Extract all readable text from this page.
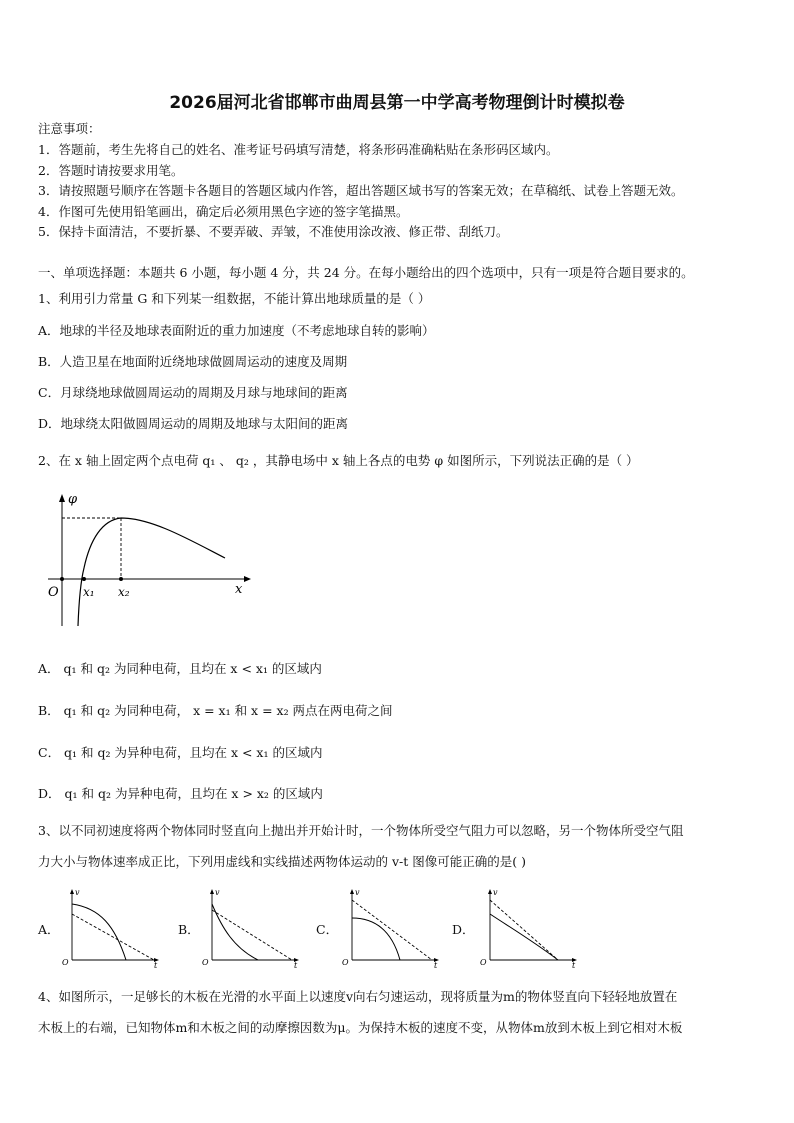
2026届河北省邯郸市曲周县第一中学高考物理倒计时模拟卷
注意事项：
1．答题前，考生先将自己的姓名、准考证号码填写清楚，将条形码准确粘贴在条形码区域内。
2．答题时请按要求用笔。
3．请按照题号顺序在答题卡各题目的答题区域内作答，超出答题区域书写的答案无效；在草稿纸、试卷上答题无效。
4．作图可先使用铅笔画出，确定后必须用黑色字迹的签字笔描黑。
5．保持卡面清洁，不要折暴、不要弄破、弄皱，不准使用涂改液、修正带、刮纸刀。
一、单项选择题：本题共 6 小题，每小题 4 分，共 24 分。在每小题给出的四个选项中，只有一项是符合题目要求的。
1、利用引力常量 G 和下列某一组数据，不能计算出地球质量的是（ ）
A．地球的半径及地球表面附近的重力加速度（不考虑地球自转的影响）
B．人造卫星在地面附近绕地球做圆周运动的速度及周期
C．月球绕地球做圆周运动的周期及月球与地球间的距离
D．地球绕太阳做圆周运动的周期及地球与太阳间的距离
2、在 x 轴上固定两个点电荷 q₁ 、 q₂ ，其静电场中 x 轴上各点的电势 φ 如图所示，下列说法正确的是（ ）
φ
x
O x₁ x₂
A． q₁ 和 q₂ 为同种电荷，且均在 x < x₁ 的区域内
B． q₁ 和 q₂ 为同种电荷， x = x₁ 和 x = x₂ 两点在两电荷之间
C． q₁ 和 q₂ 为异种电荷，且均在 x < x₁ 的区域内
D． q₁ 和 q₂ 为异种电荷，且均在 x > x₂ 的区域内
3、以不同初速度将两个物体同时竖直向上抛出并开始计时，一个物体所受空气阻力可以忽略，另一个物体所受空气阻
力大小与物体速率成正比，下列用虚线和实线描述两物体运动的 v-t 图像可能正确的是( )
A．
v
O	t
B．
v
O	t
C．
v
O	t
D．
v
O	t
4、如图所示，一足够长的木板在光滑的水平面上以速度v向右匀速运动，现将质量为m的物体竖直向下轻轻地放置在
木板上的右端，已知物体m和木板之间的动摩擦因数为μ。为保持木板的速度不变，从物体m放到木板上到它相对木板
